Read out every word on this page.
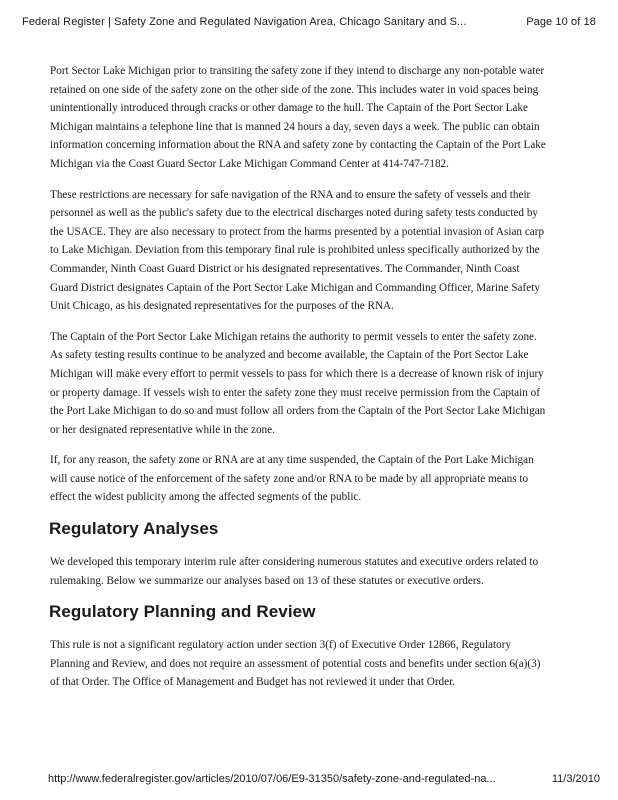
Federal Register | Safety Zone and Regulated Navigation Area, Chicago Sanitary and S...	Page 10 of 18

Port Sector Lake Michigan prior to transiting the safety zone if they intend to discharge any non-potable water retained on one side of the safety zone on the other side of the zone. This includes water in void spaces being unintentionally introduced through cracks or other damage to the hull. The Captain of the Port Sector Lake Michigan maintains a telephone line that is manned 24 hours a day, seven days a week. The public can obtain information concerning information about the RNA and safety zone by contacting the Captain of the Port Lake Michigan via the Coast Guard Sector Lake Michigan Command Center at 414-747-7182.

These restrictions are necessary for safe navigation of the RNA and to ensure the safety of vessels and their personnel as well as the public's safety due to the electrical discharges noted during safety tests conducted by the USACE. They are also necessary to protect from the harms presented by a potential invasion of Asian carp to Lake Michigan. Deviation from this temporary final rule is prohibited unless specifically authorized by the Commander, Ninth Coast Guard District or his designated representatives. The Commander, Ninth Coast Guard District designates Captain of the Port Sector Lake Michigan and Commanding Officer, Marine Safety Unit Chicago, as his designated representatives for the purposes of the RNA.

The Captain of the Port Sector Lake Michigan retains the authority to permit vessels to enter the safety zone. As safety testing results continue to be analyzed and become available, the Captain of the Port Sector Lake Michigan will make every effort to permit vessels to pass for which there is a decrease of known risk of injury or property damage. If vessels wish to enter the safety zone they must receive permission from the Captain of the Port Lake Michigan to do so and must follow all orders from the Captain of the Port Sector Lake Michigan or her designated representative while in the zone.

If, for any reason, the safety zone or RNA are at any time suspended, the Captain of the Port Lake Michigan will cause notice of the enforcement of the safety zone and/or RNA to be made by all appropriate means to effect the widest publicity among the affected segments of the public.

Regulatory Analyses

We developed this temporary interim rule after considering numerous statutes and executive orders related to rulemaking. Below we summarize our analyses based on 13 of these statutes or executive orders.

Regulatory Planning and Review

This rule is not a significant regulatory action under section 3(f) of Executive Order 12866, Regulatory Planning and Review, and does not require an assessment of potential costs and benefits under section 6(a)(3) of that Order. The Office of Management and Budget has not reviewed it under that Order.

http://www.federalregister.gov/articles/2010/07/06/E9-31350/safety-zone-and-regulated-na...	11/3/2010
